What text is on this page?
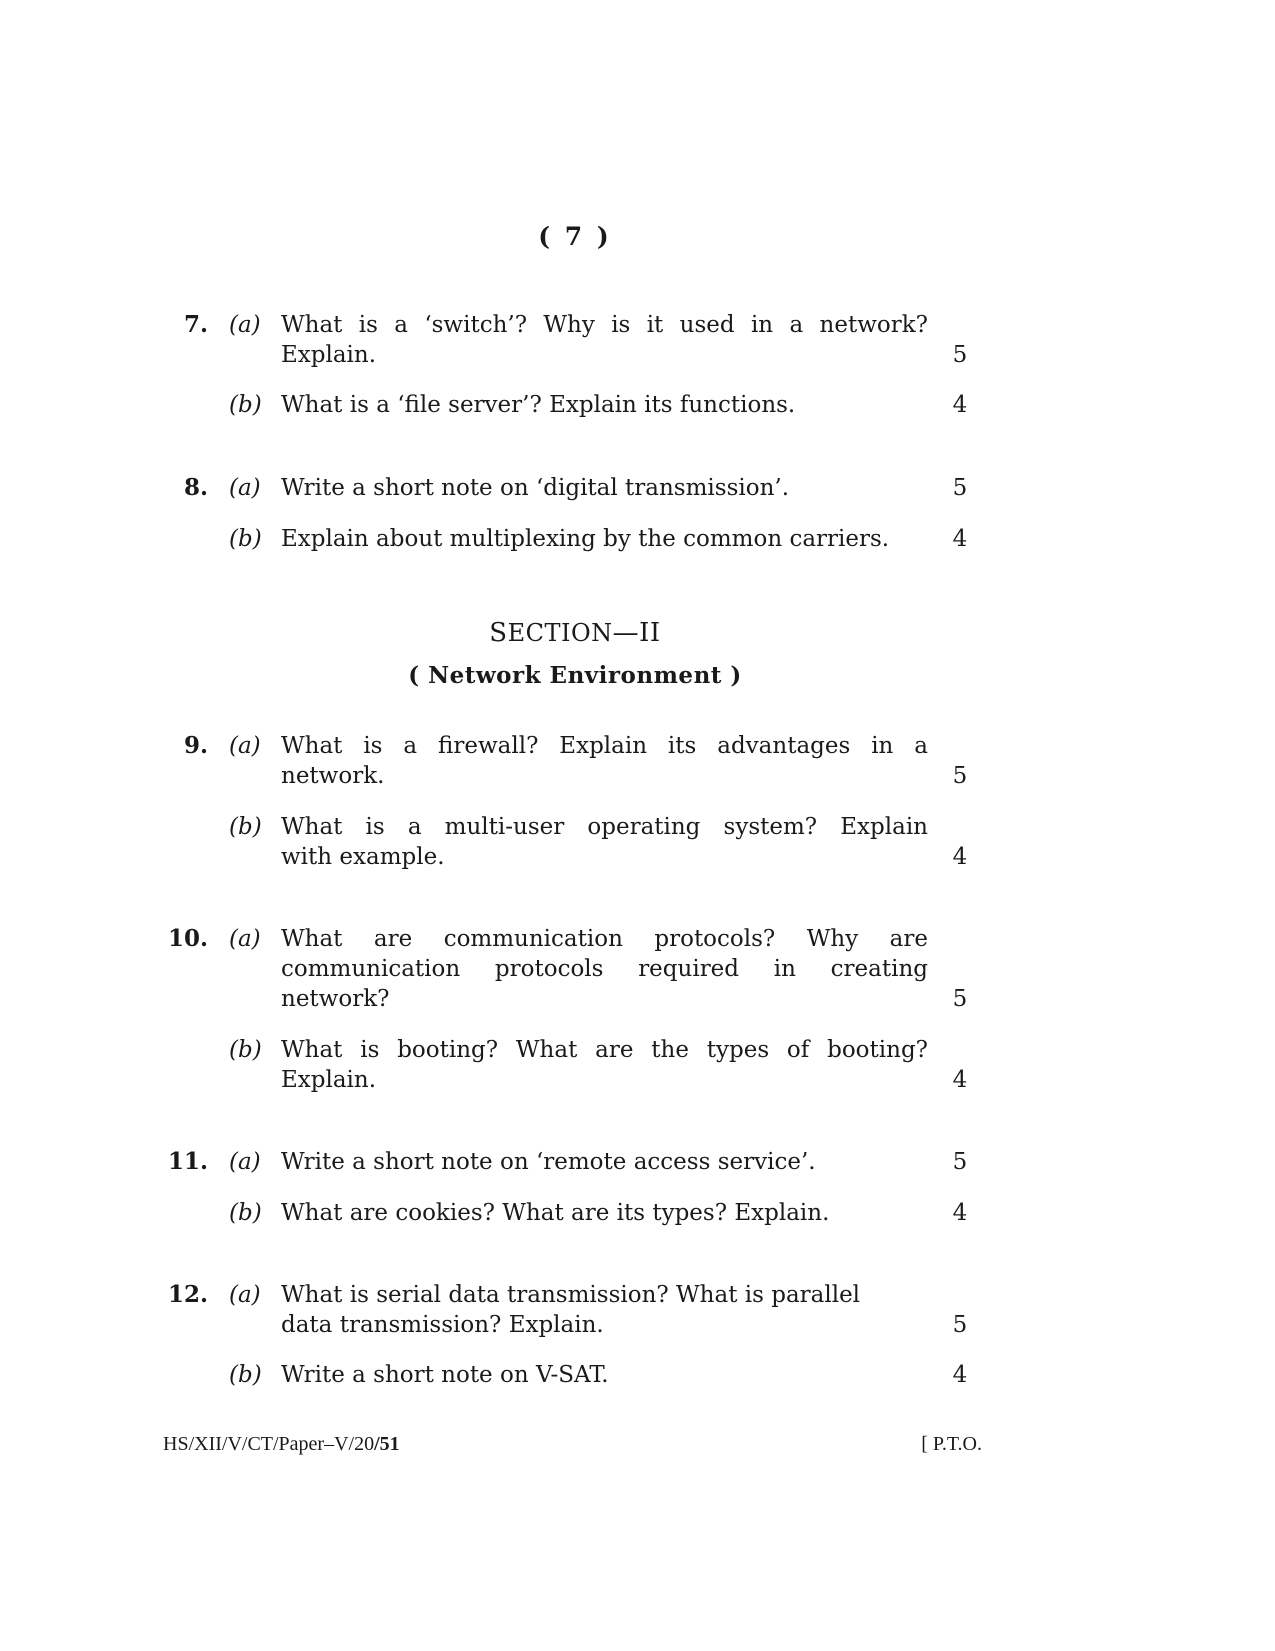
( 7 )
7. (a) What is a ‘switch’? Why is it used in a network?
Explain.	5
(b) What is a ‘file server’? Explain its functions.	4
8. (a) Write a short note on ‘digital transmission’.	5
(b) Explain about multiplexing by the common carriers.	4
SECTION—II
( Network Environment )
9. (a) What is a firewall? Explain its advantages in a
network.	5
(b) What is a multi-user operating system? Explain
with example.	4
10. (a) What are communication protocols? Why are
communication protocols required in creating
network?	5
(b) What is booting? What are the types of booting?
Explain.	4
11. (a) Write a short note on ‘remote access service’.	5
(b) What are cookies? What are its types? Explain.	4
12. (a) What is serial data transmission? What is parallel
data transmission? Explain.	5
(b) Write a short note on V-SAT.	4
HS/XII/V/CT/Paper–V/20/51	[ P.T.O.
